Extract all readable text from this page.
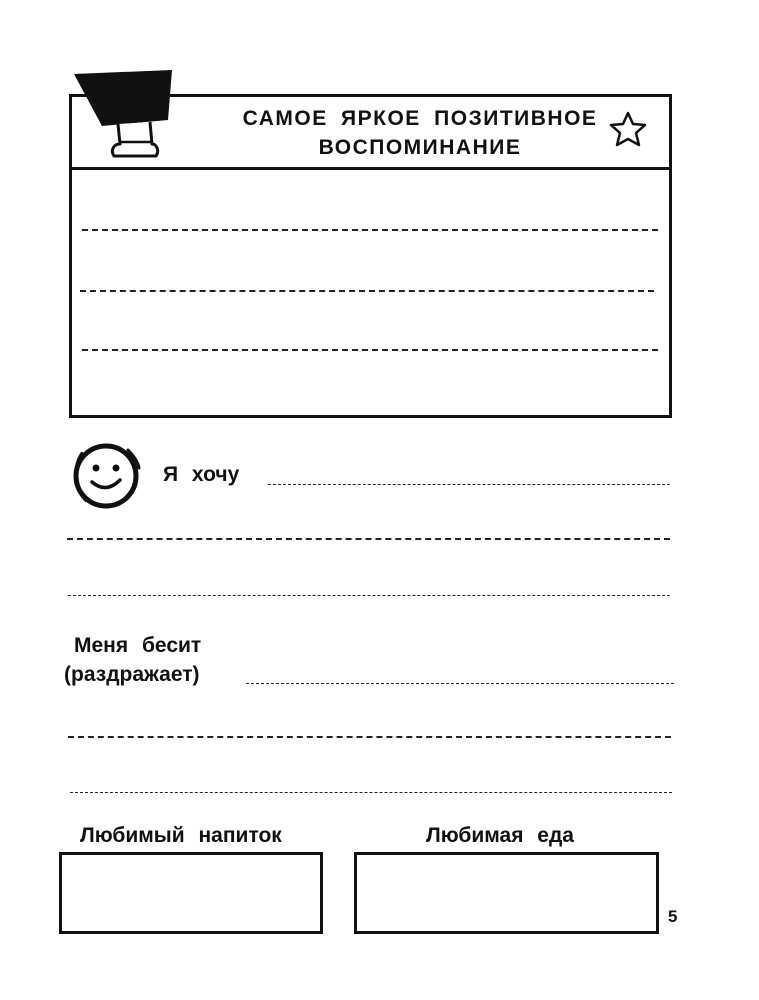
САМОЕ ЯРКОЕ ПОЗИТИВНОЕ
ВОСПОМИНАНИЕ
Я хочу
Меня бесит
(раздражает)
Любимый напиток	Любимая еда
5
